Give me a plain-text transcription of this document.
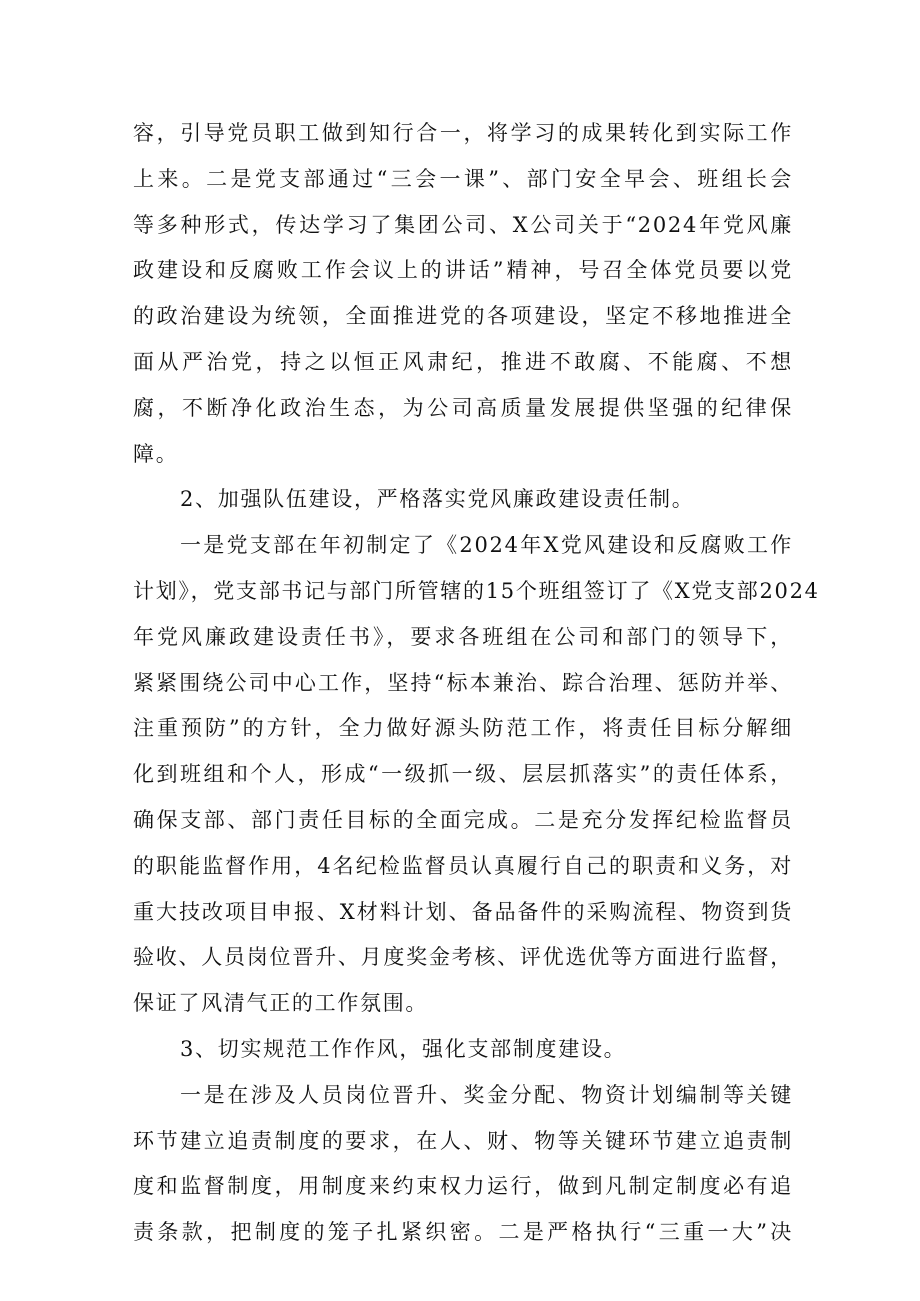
容，引导党员职工做到知行合一，将学习的成果转化到实际工作
上来。二是党支部通过“三会一课”、部门安全早会、班组长会
等多种形式，传达学习了集团公司、X公司关于“2024年党风廉
政建设和反腐败工作会议上的讲话”精神，号召全体党员要以党
的政治建设为统领，全面推进党的各项建设，坚定不移地推进全
面从严治党，持之以恒正风肃纪，推进不敢腐、不能腐、不想
腐，不断净化政治生态，为公司高质量发展提供坚强的纪律保
障。
2、加强队伍建设，严格落实党风廉政建设责任制。
一是党支部在年初制定了《2024年X党风建设和反腐败工作
计划》，党支部书记与部门所管辖的15个班组签订了《X党支部2024
年党风廉政建设责任书》，要求各班组在公司和部门的领导下，
紧紧围绕公司中心工作，坚持“标本兼治、踪合治理、惩防并举、
注重预防”的方针，全力做好源头防范工作，将责任目标分解细
化到班组和个人，形成“一级抓一级、层层抓落实”的责任体系，
确保支部、部门责任目标的全面完成。二是充分发挥纪检监督员
的职能监督作用，4名纪检监督员认真履行自己的职责和义务，对
重大技改项目申报、X材料计划、备品备件的采购流程、物资到货
验收、人员岗位晋升、月度奖金考核、评优选优等方面进行监督，
保证了风清气正的工作氛围。
3、切实规范工作作风，强化支部制度建设。
一是在涉及人员岗位晋升、奖金分配、物资计划编制等关键
环节建立追责制度的要求，在人、财、物等关键环节建立追责制
度和监督制度，用制度来约束权力运行，做到凡制定制度必有追
责条款，把制度的笼子扎紧织密。二是严格执行“三重一大”决
